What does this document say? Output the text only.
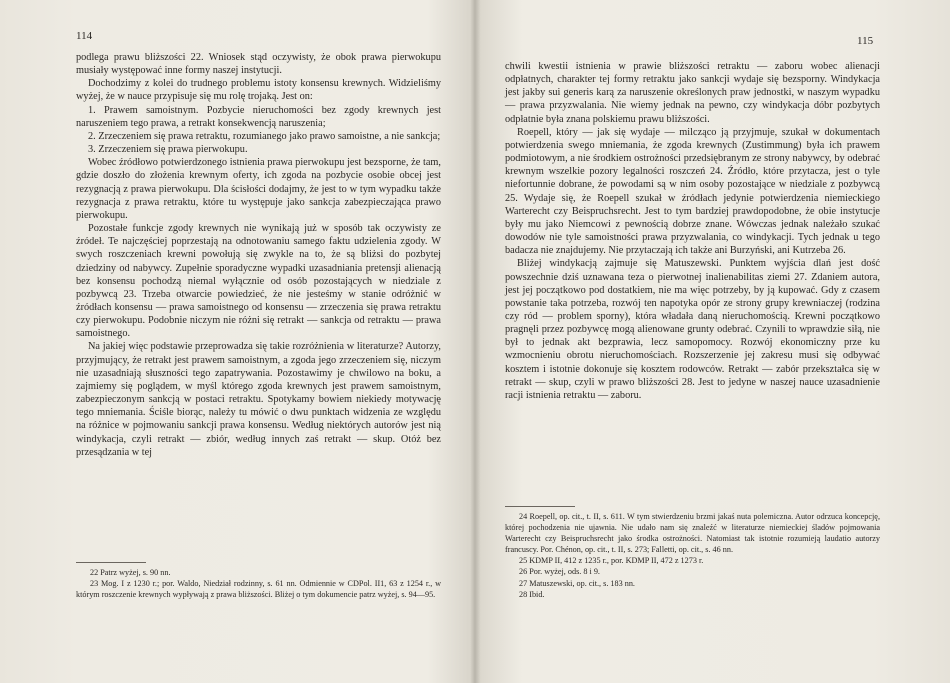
114

podlega prawu bliższości 22. Wniosek stąd oczywisty, że obok prawa pierwokupu musiały występować inne formy naszej instytucji.

Dochodzimy z kolei do trudnego problemu istoty konsensu krewnych. Widzieliśmy wyżej, że w nauce przypisuje się mu rolę trojaką. Jest on:

1. Prawem samoistnym. Pozbycie nieruchomości bez zgody krewnych jest naruszeniem tego prawa, a retrakt konsekwencją naruszenia;

2. Zrzeczeniem się prawa retraktu, rozumianego jako prawo samoistne, a nie sankcja;

3. Zrzeczeniem się prawa pierwokupu.

Wobec źródłowo potwierdzonego istnienia prawa pierwokupu jest bezsporne, że tam, gdzie doszło do złożenia krewnym oferty, ich zgoda na pozbycie osobie obcej jest rezygnacją z prawa pierwokupu. Dla ścisłości dodajmy, że jest to w tym wypadku także rezygnacja z prawa retraktu, które tu występuje jako sankcja zabezpieczająca prawo pierwokupu.

Pozostałe funkcje zgody krewnych nie wynikają już w sposób tak oczywisty ze źródeł. Te najczęściej poprzestają na odnotowaniu samego faktu udzielenia zgody. W swych roszczeniach krewni powołują się zwykle na to, że są bliżsi do pozbytej dziedziny od nabywcy. Zupełnie sporadyczne wypadki uzasadniania pretensji alienacją bez konsensu pochodzą niemal wyłącznie od osób pozostających w niedziale z pozbywcą 23. Trzeba otwarcie powiedzieć, że nie jesteśmy w stanie odróżnić w źródłach konsensu — prawa samoistnego od konsensu — zrzeczenia się prawa retraktu czy pierwokupu. Podobnie niczym nie różni się retrakt — sankcja od retraktu — prawa samoistnego.

Na jakiej więc podstawie przeprowadza się takie rozróżnienia w literaturze? Autorzy, przyjmujący, że retrakt jest prawem samoistnym, a zgoda jego zrzeczeniem się, niczym nie uzasadniają słuszności tego zapatrywania. Pozostawimy je chwilowo na boku, a zajmiemy się poglądem, w myśl którego zgoda krewnych jest prawem samoistnym, zabezpieczonym sankcją w postaci retraktu. Spotykamy bowiem niekiedy motywację tego mniemania. Ściśle biorąc, należy tu mówić o dwu punktach widzenia ze względu na różnice w pojmowaniu sankcji prawa konsensu. Według niektórych autorów jest nią windykacja, czyli retrakt — zbiór, według innych zaś retrakt — skup. Otóż bez przesądzania w tej

22 Patrz wyżej, s. 90 nn.

23 Mog. I z 1230 r.; por. Waldo, Niedział rodzinny, s. 61 nn. Odmiennie w CDPol. II1, 63 z 1254 r., w którym roszczenie krewnych wypływają z prawa bliższości. Bliżej o tym dokumencie patrz wyżej, s. 94—95.

115

chwili kwestii istnienia w prawie bliższości retraktu — zaboru wobec alienacji odpłatnych, charakter tej formy retraktu jako sankcji wydaje się bezsporny. Windykacja jest jakby sui generis karą za naruszenie określonych praw jednostki, w naszym wypadku — prawa przyzwalania. Nie wiemy jednak na pewno, czy windykacja dóbr pozbytych odpłatnie była znana polskiemu prawu bliższości.

Roepell, który — jak się wydaje — milcząco ją przyjmuje, szukał w dokumentach potwierdzenia swego mniemania, że zgoda krewnych (Zustimmung) była ich prawem podmiotowym, a nie środkiem ostrożności przedsiębranym ze strony nabywcy, by odebrać krewnym wszelkie pozory legalności roszczeń 24. Źródło, które przytacza, jest o tyle niefortunnie dobrane, że powodami są w nim osoby pozostające w niedziale z pozbywcą 25. Wydaje się, że Roepell szukał w źródłach jedynie potwierdzenia niemieckiego Warterecht czy Beispruchsrecht. Jest to tym bardziej prawdopodobne, że obie instytucje były mu jako Niemcowi z pewnością dobrze znane. Wówczas jednak należało szukać dowodów nie tyle samoistności prawa przyzwalania, co windykacji. Tych jednak u tego badacza nie znajdujemy. Nie przytaczają ich także ani Burzyński, ani Kutrzeba 26.

Bliżej windykacją zajmuje się Matuszewski. Punktem wyjścia dlań jest dość powszechnie dziś uznawana teza o pierwotnej inalienabilitas ziemi 27. Zdaniem autora, jest jej początkowo pod dostatkiem, nie ma więc potrzeby, by ją kupować. Gdy z czasem powstanie taka potrzeba, rozwój ten napotyka opór ze strony grupy krewniaczej (rodzina czy ród — problem sporny), która władała daną nieruchomością. Krewni początkowo pragnęli przez pozbywcę mogą alienowane grunty odebrać. Czynili to wprawdzie siłą, nie był to jednak akt bezprawia, lecz samopomocy. Rozwój ekonomiczny prze ku wzmocnieniu obrotu nieruchomościach. Rozszerzenie jej zakresu musi się odbywać kosztem i istotnie dokonuje się kosztem rodowców. Retrakt — zabór przekształca się w retrakt — skup, czyli w prawo bliższości 28. Jest to jedyne w naszej nauce uzasadnienie racji istnienia retraktu — zaboru.

24 Roepell, op. cit., t. II, s. 611. W tym stwierdzeniu brzmi jakaś nuta polemiczna. Autor odrzuca koncepcję, której pochodzenia nie ujawnia. Nie udało nam się znaleźć w literaturze niemieckiej śladów pojmowania Warterecht czy Beispruchsrecht jako środka ostrożności. Natomiast tak istotnie rozumieją laudatio autorzy francuscy. Por. Chénon, op. cit., t. II, s. 273; Falletti, op. cit., s. 46 nn.

25 KDMP II, 412 z 1235 r., por. KDMP II, 472 z 1273 r.

26 Por. wyżej, ods. 8 i 9.

27 Matuszewski, op. cit., s. 183 nn.

28 Ibid.
